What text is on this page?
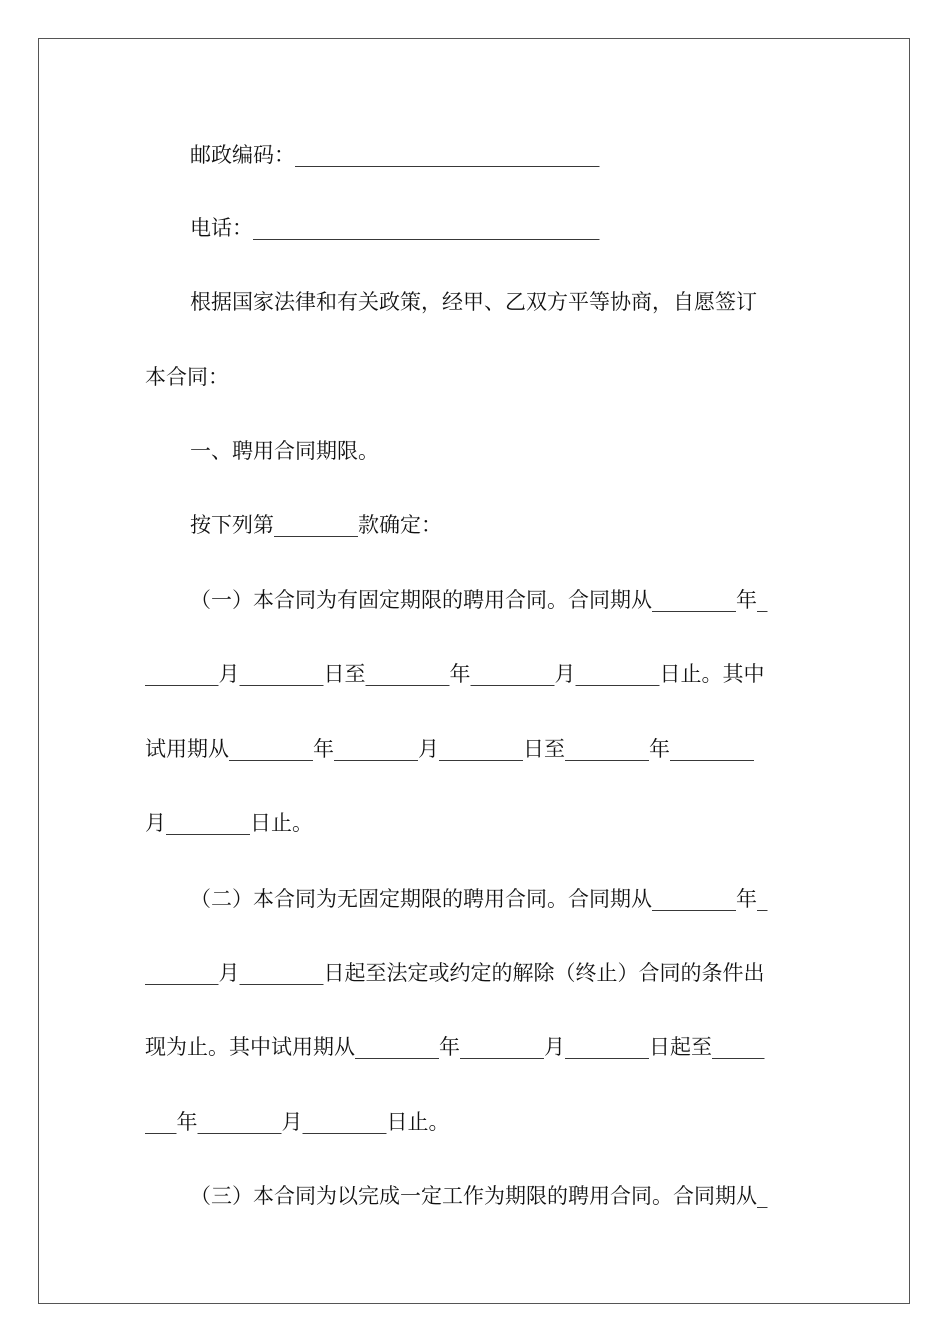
邮政编码：_____________________________
电话：_________________________________
根据国家法律和有关政策，经甲、乙双方平等协商，自愿签订
本合同：
一、聘用合同期限。
按下列第________款确定：
（一）本合同为有固定期限的聘用合同。合同期从________年_
_______月________日至________年________月________日止。其中
试用期从________年________月________日至________年________
月________日止。
（二）本合同为无固定期限的聘用合同。合同期从________年_
_______月________日起至法定或约定的解除（终止）合同的条件出
现为止。其中试用期从________年________月________日起至_____
___年________月________日止。
（三）本合同为以完成一定工作为期限的聘用合同。合同期从_
